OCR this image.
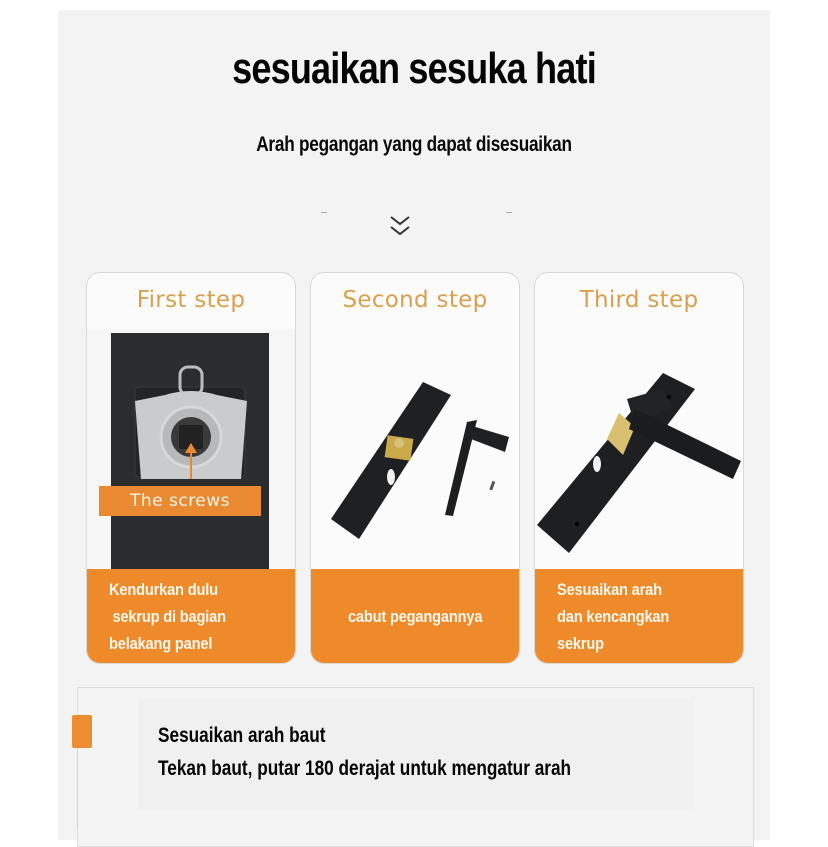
sesuaikan sesuka hati
Arah pegangan yang dapat disesuaikan
First step
The screws
Kendurkan dulu
sekrup di bagian
belakang panel
Second step
cabut pegangannya
Third step
Sesuaikan arah
dan kencangkan
sekrup
Sesuaikan arah baut
Tekan baut, putar 180 derajat untuk mengatur arah
